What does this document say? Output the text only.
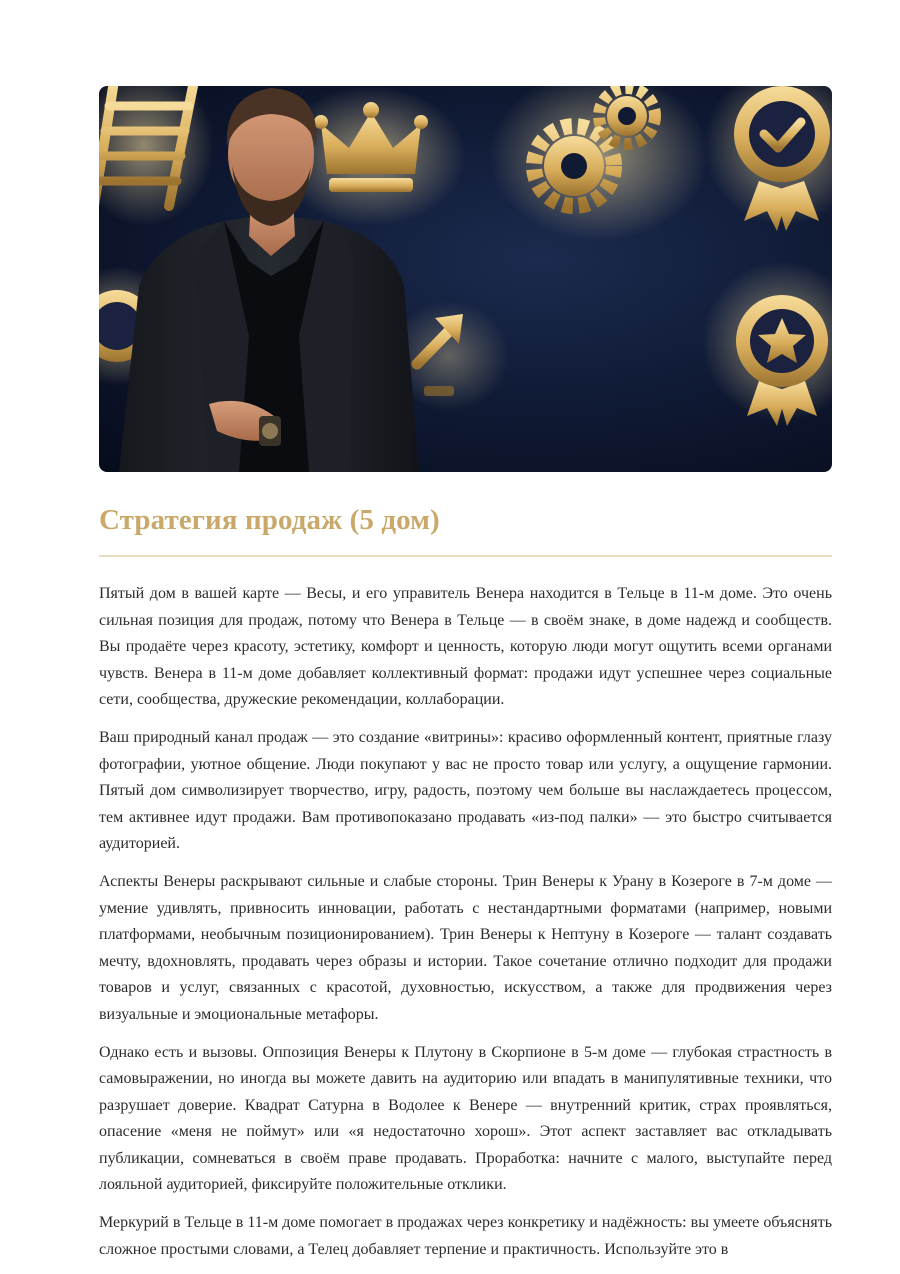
Стратегия продаж (5 дом)

Пятый дом в вашей карте — Весы, и его управитель Венера находится в Тельце в 11-м доме. Это очень сильная позиция для продаж, потому что Венера в Тельце — в своём знаке, в доме надежд и сообществ. Вы продаёте через красоту, эстетику, комфорт и ценность, которую люди могут ощутить всеми органами чувств. Венера в 11-м доме добавляет коллективный формат: продажи идут успешнее через социальные сети, сообщества, дружеские рекомендации, коллаборации.

Ваш природный канал продаж — это создание «витрины»: красиво оформленный контент, приятные глазу фотографии, уютное общение. Люди покупают у вас не просто товар или услугу, а ощущение гармонии. Пятый дом символизирует творчество, игру, радость, поэтому чем больше вы наслаждаетесь процессом, тем активнее идут продажи. Вам противопоказано продавать «из-под палки» — это быстро считывается аудиторией.

Аспекты Венеры раскрывают сильные и слабые стороны. Трин Венеры к Урану в Козероге в 7-м доме — умение удивлять, привносить инновации, работать с нестандартными форматами (например, новыми платформами, необычным позиционированием). Трин Венеры к Нептуну в Козероге — талант создавать мечту, вдохновлять, продавать через образы и истории. Такое сочетание отлично подходит для продажи товаров и услуг, связанных с красотой, духовностью, искусством, а также для продвижения через визуальные и эмоциональные метафоры.

Однако есть и вызовы. Оппозиция Венеры к Плутону в Скорпионе в 5-м доме — глубокая страстность в самовыражении, но иногда вы можете давить на аудиторию или впадать в манипулятивные техники, что разрушает доверие. Квадрат Сатурна в Водолее к Венере — внутренний критик, страх проявляться, опасение «меня не поймут» или «я недостаточно хорош». Этот аспект заставляет вас откладывать публикации, сомневаться в своём праве продавать. Проработка: начните с малого, выступайте перед лояльной аудиторией, фиксируйте положительные отклики.

Меркурий в Тельце в 11-м доме помогает в продажах через конкретику и надёжность: вы умеете объяснять сложное простыми словами, а Телец добавляет терпение и практичность. Используйте это в
